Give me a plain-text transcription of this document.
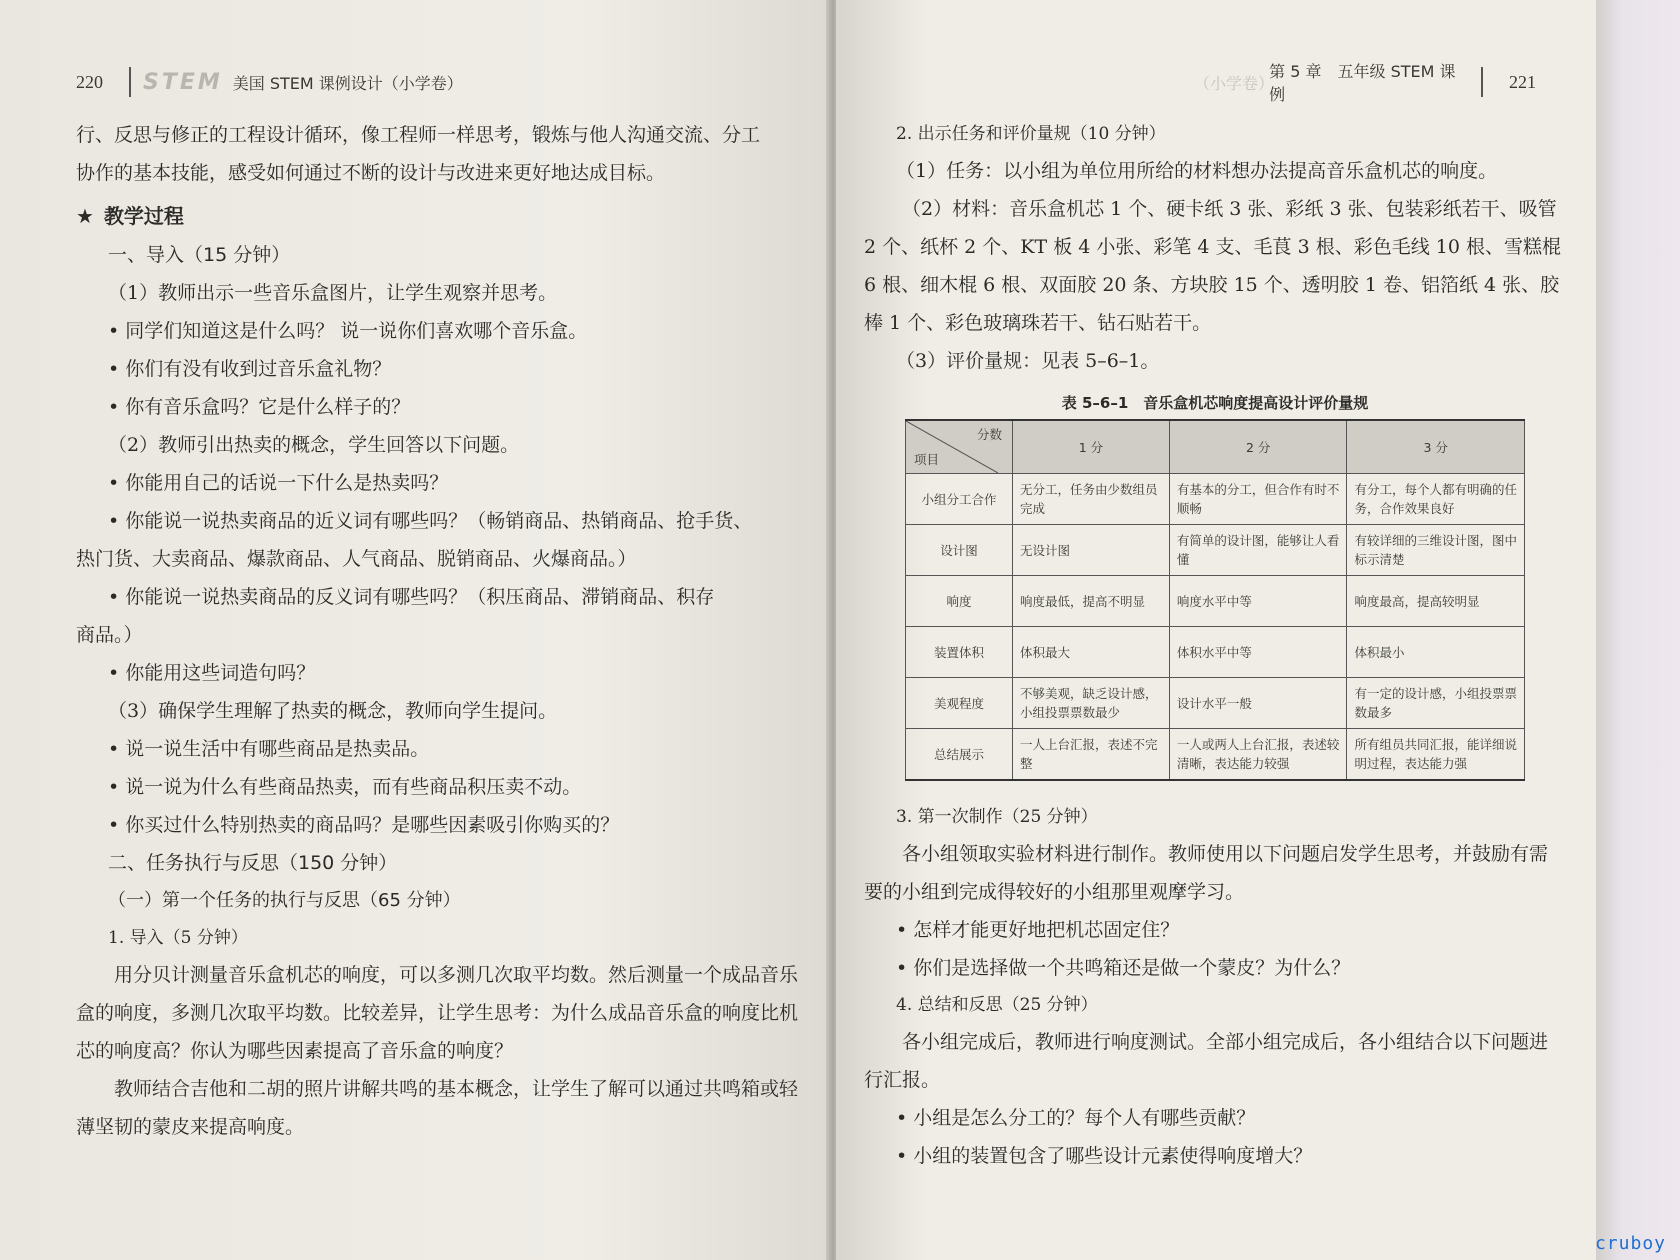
220 STEM 美国 STEM 课例设计（小学卷）

行、反思与修正的工程设计循环，像工程师一样思考，锻炼与他人沟通交流、分工

协作的基本技能，感受如何通过不断的设计与改进来更好地达成目标。

★ 教学过程
一、导入（15 分钟）

（1）教师出示一些音乐盒图片，让学生观察并思考。

• 同学们知道这是什么吗？ 说一说你们喜欢哪个音乐盒。

• 你们有没有收到过音乐盒礼物？

• 你有音乐盒吗？它是什么样子的？

（2）教师引出热卖的概念，学生回答以下问题。

• 你能用自己的话说一下什么是热卖吗？

• 你能说一说热卖商品的近义词有哪些吗？（畅销商品、热销商品、抢手货、

热门货、大卖商品、爆款商品、人气商品、脱销商品、火爆商品。）

• 你能说一说热卖商品的反义词有哪些吗？（积压商品、滞销商品、积存

商品。）

• 你能用这些词造句吗？

（3）确保学生理解了热卖的概念，教师向学生提问。

• 说一说生活中有哪些商品是热卖品。

• 说一说为什么有些商品热卖，而有些商品积压卖不动。

• 你买过什么特别热卖的商品吗？是哪些因素吸引你购买的？

二、任务执行与反思（150 分钟）
（一）第一个任务的执行与反思（65 分钟）
1. 导入（5 分钟）

用分贝计测量音乐盒机芯的响度，可以多测几次取平均数。然后测量一个成品音乐盒的响度，多测几次取平均数。比较差异，让学生思考：为什么成品音乐盒的响度比机芯的响度高？你认为哪些因素提高了音乐盒的响度？

教师结合吉他和二胡的照片讲解共鸣的基本概念，让学生了解可以通过共鸣箱或轻薄坚韧的蒙皮来提高响度。

（小学卷）
第 5 章　五年级 STEM 课例
221
2. 出示任务和评价量规（10 分钟）

（1）任务：以小组为单位用所给的材料想办法提高音乐盒机芯的响度。

（2）材料：音乐盒机芯 1 个、硬卡纸 3 张、彩纸 3 张、包装彩纸若干、吸管 2 个、纸杯 2 个、KT 板 4 小张、彩笔 4 支、毛茛 3 根、彩色毛线 10 根、雪糕棍 6 根、细木棍 6 根、双面胶 20 条、方块胶 15 个、透明胶 1 卷、铝箔纸 4 张、胶棒 1 个、彩色玻璃珠若干、钻石贴若干。

（3）评价量规：见表 5–6–1。

表 5–6–1　音乐盒机芯响度提高设计评价量规
分数
项目	1 分	2 分	3 分
小组分工合作	无分工，任务由少数组员完成	有基本的分工，但合作有时不顺畅	有分工，每个人都有明确的任务，合作效果良好
设计图	无设计图	有简单的设计图，能够让人看懂	有较详细的三维设计图，图中标示清楚
响度	响度最低，提高不明显	响度水平中等	响度最高，提高较明显
装置体积	体积最大	体积水平中等	体积最小
美观程度	不够美观，缺乏设计感，小组投票票数最少	设计水平一般	有一定的设计感，小组投票票数最多
总结展示	一人上台汇报，表述不完整	一人或两人上台汇报，表述较清晰，表达能力较强	所有组员共同汇报，能详细说明过程，表达能力强
3. 第一次制作（25 分钟）

各小组领取实验材料进行制作。教师使用以下问题启发学生思考，并鼓励有需要的小组到完成得较好的小组那里观摩学习。

• 怎样才能更好地把机芯固定住？

• 你们是选择做一个共鸣箱还是做一个蒙皮？为什么？

4. 总结和反思（25 分钟）

各小组完成后，教师进行响度测试。全部小组完成后，各小组结合以下问题进行汇报。

• 小组是怎么分工的？每个人有哪些贡献？

• 小组的装置包含了哪些设计元素使得响度增大？

cruboy
